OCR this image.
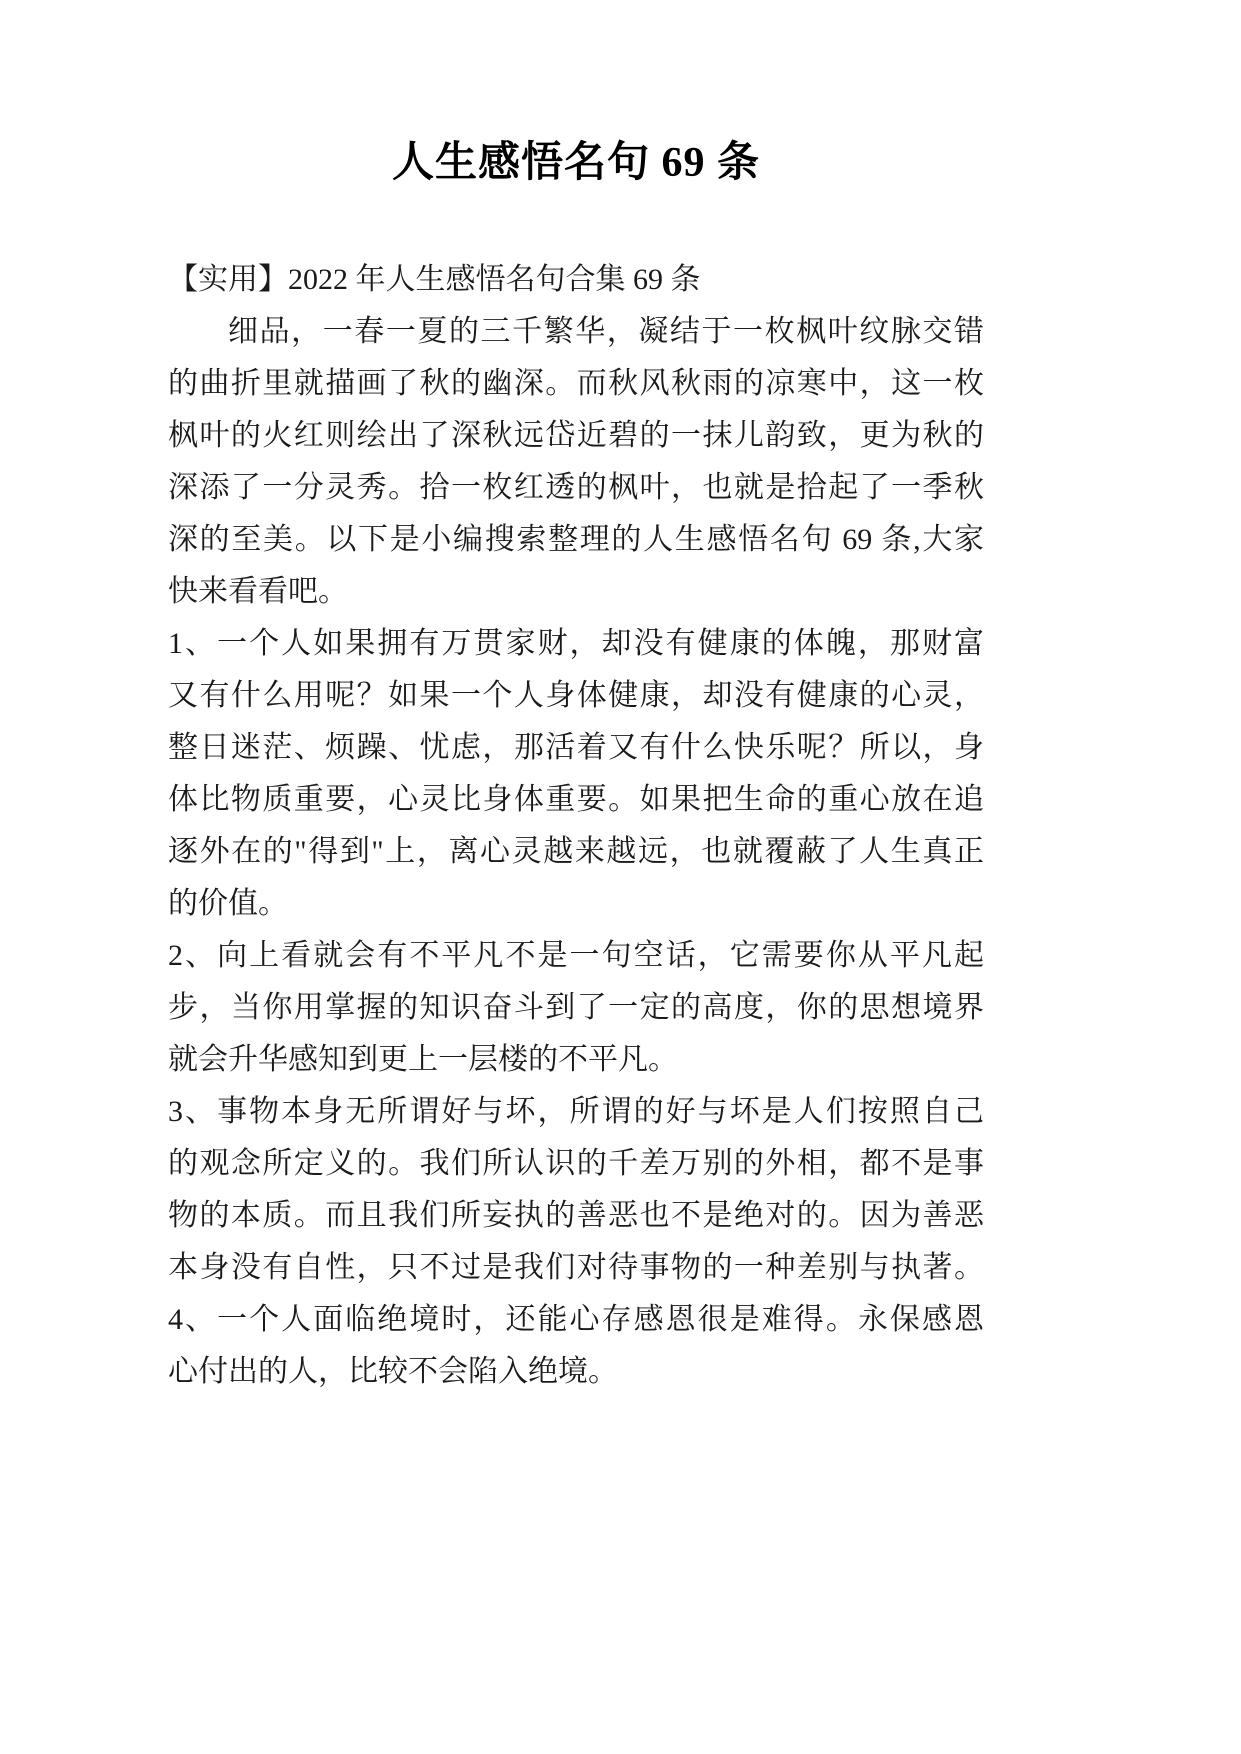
人生感悟名句 69 条
【实用】2022 年人生感悟名句合集 69 条
细品，一春一夏的三千繁华，凝结于一枚枫叶纹脉交错
的曲折里就描画了秋的幽深。而秋风秋雨的凉寒中，这一枚
枫叶的火红则绘出了深秋远岱近碧的一抹儿韵致，更为秋的
深添了一分灵秀。拾一枚红透的枫叶，也就是拾起了一季秋
深的至美。以下是小编搜索整理的人生感悟名句 69 条,大家
快来看看吧。
1、一个人如果拥有万贯家财，却没有健康的体魄，那财富
又有什么用呢？如果一个人身体健康，却没有健康的心灵，
整日迷茫、烦躁、忧虑，那活着又有什么快乐呢？所以，身
体比物质重要，心灵比身体重要。如果把生命的重心放在追
逐外在的"得到"上，离心灵越来越远，也就覆蔽了人生真正
的价值。
2、向上看就会有不平凡不是一句空话，它需要你从平凡起
步，当你用掌握的知识奋斗到了一定的高度，你的思想境界
就会升华感知到更上一层楼的不平凡。
3、事物本身无所谓好与坏，所谓的好与坏是人们按照自己
的观念所定义的。我们所认识的千差万别的外相，都不是事
物的本质。而且我们所妄执的善恶也不是绝对的。因为善恶
本身没有自性，只不过是我们对待事物的一种差别与执著。
4、一个人面临绝境时，还能心存感恩很是难得。永保感恩
心付出的人，比较不会陷入绝境。
